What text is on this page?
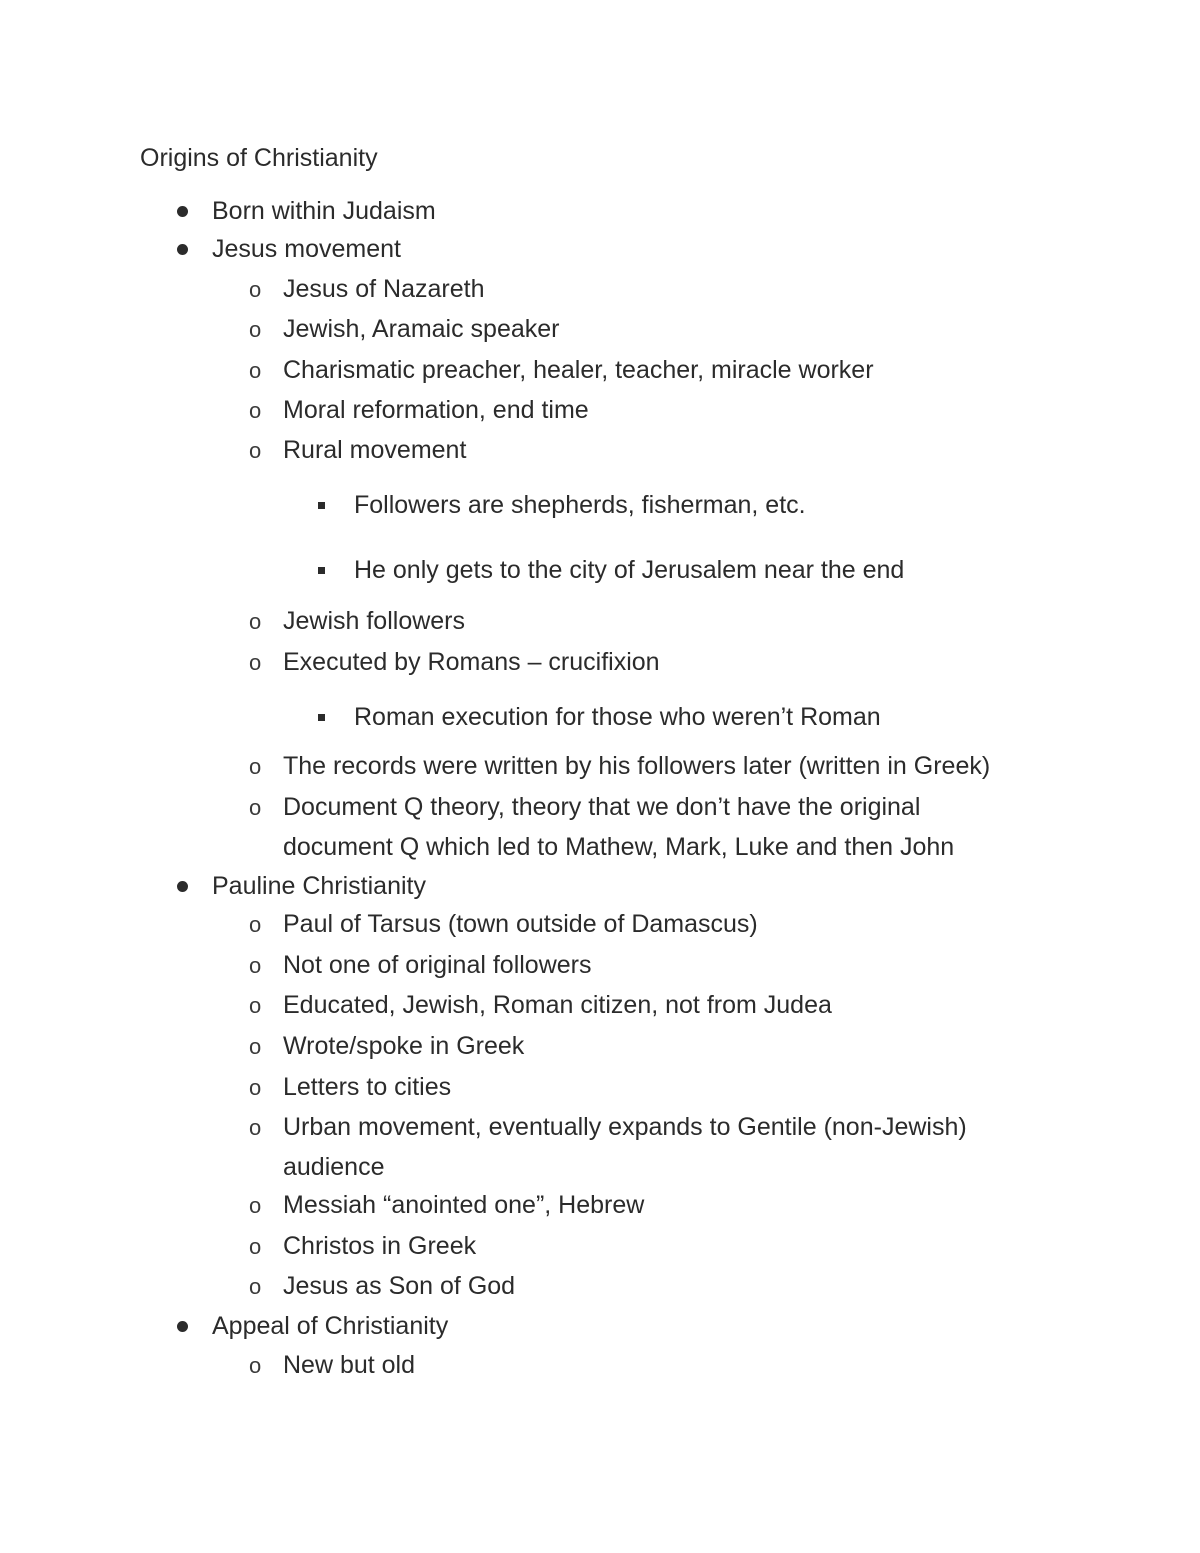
Origins of Christianity
Born within Judaism
Jesus movement
o Jesus of Nazareth
o Jewish, Aramaic speaker
o Charismatic preacher, healer, teacher, miracle worker
o Moral reformation, end time
o Rural movement
Followers are shepherds, fisherman, etc.
He only gets to the city of Jerusalem near the end
o Jewish followers
o Executed by Romans – crucifixion
Roman execution for those who weren’t Roman
o The records were written by his followers later (written in Greek)
o Document Q theory, theory that we don’t have the original
document Q which led to Mathew, Mark, Luke and then John
Pauline Christianity
o Paul of Tarsus (town outside of Damascus)
o Not one of original followers
o Educated, Jewish, Roman citizen, not from Judea
o Wrote/spoke in Greek
o Letters to cities
o Urban movement, eventually expands to Gentile (non-Jewish)
audience
o Messiah “anointed one”, Hebrew
o Christos in Greek
o Jesus as Son of God
Appeal of Christianity
o New but old
